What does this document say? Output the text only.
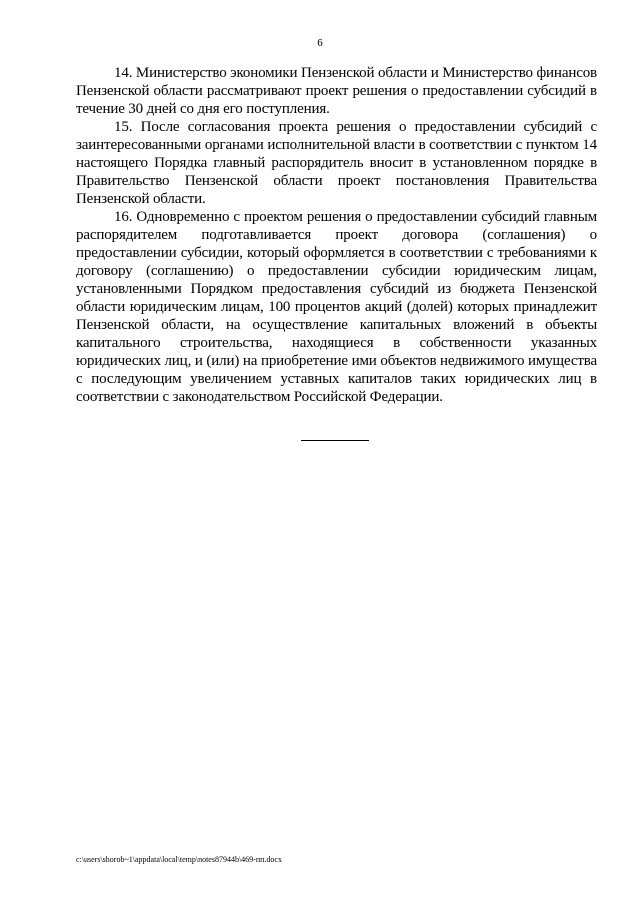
6

14. Министерство экономики Пензенской области и Министерство финансов Пензенской области рассматривают проект решения о предоставлении субсидий в течение 30 дней со дня его поступления.

15. После согласования проекта решения о предоставлении субсидий с заинтересованными органами исполнительной власти в соответствии с пунктом 14 настоящего Порядка главный распорядитель вносит в установленном порядке в Правительство Пензенской области проект постановления Правительства Пензенской области.

16. Одновременно с проектом решения о предоставлении субсидий главным распорядителем подготавливается проект договора (соглашения) о предоставлении субсидии, который оформляется в соответствии с требованиями к договору (соглашению) о предоставлении субсидии юридическим лицам, установленными Порядком предоставления субсидий из бюджета Пензенской области юридическим лицам, 100 процентов акций (долей) которых принадлежит Пензенской области, на осуществление капитальных вложений в объекты капитального строительства, находящиеся в собственности указанных юридических лиц, и (или) на приобретение ими объектов недвижимого имущества с последующим увеличением уставных капиталов таких юридических лиц в соответствии с законодательством Российской Федерации.

c:\users\shorob~1\appdata\local\temp\notes87944b\469-пп.docx
